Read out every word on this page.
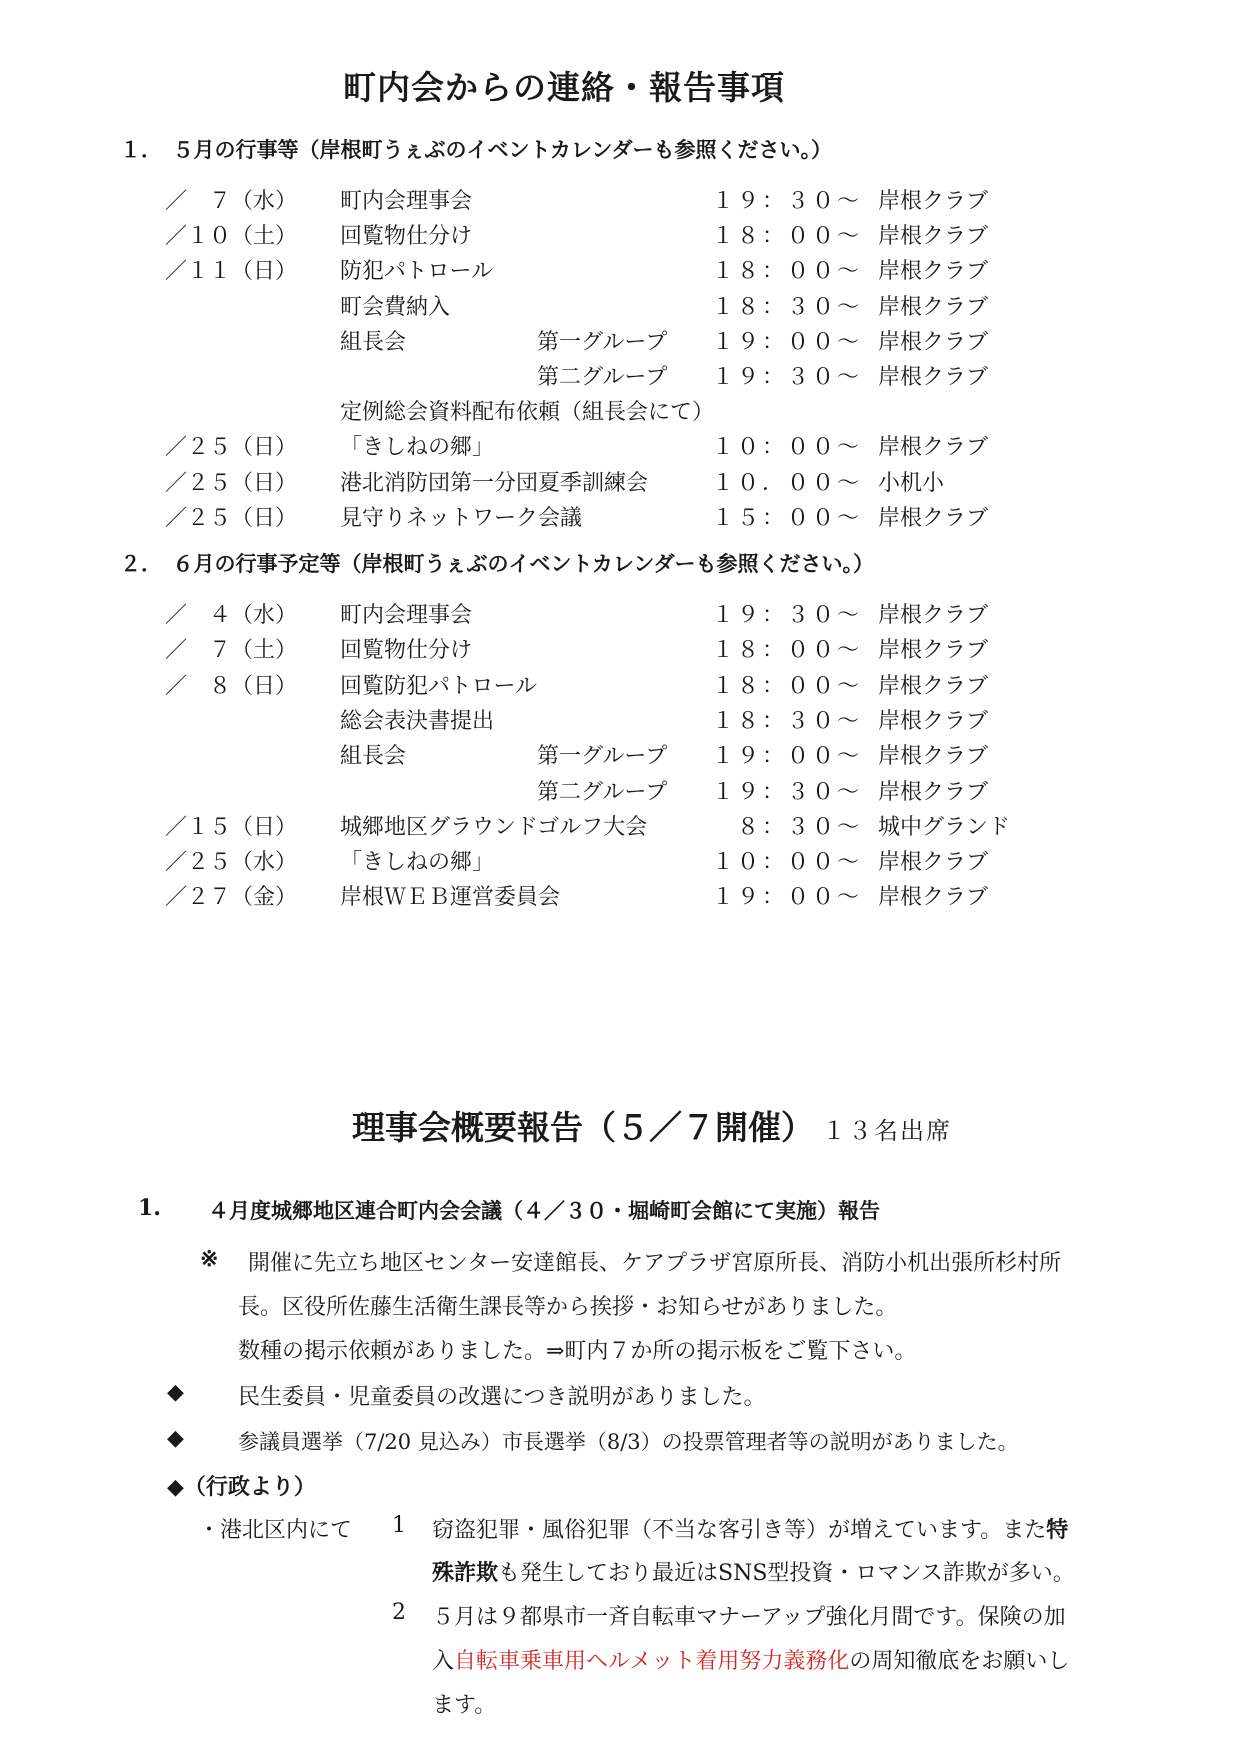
町内会からの連絡・報告事項
１．　５月の行事等（岸根町うぇぶのイベントカレンダーも参照ください。）
／　７（水） 町内会理事会	１９：３０～ 岸根クラブ
／１０（土） 回覧物仕分け	１８：００～ 岸根クラブ
／１１（日） 防犯パトロール	１８：００～ 岸根クラブ
町会費納入	１８：３０～ 岸根クラブ
組長会	第一グループ １９：００～ 岸根クラブ
第二グループ １９：３０～ 岸根クラブ
定例総会資料配布依頼（組長会にて）
／２５（日） 「きしねの郷」	１０：００～ 岸根クラブ
／２５（日） 港北消防団第一分団夏季訓練会	１０．００～ 小机小
／２５（日） 見守りネットワーク会議	１５：００～ 岸根クラブ
２．　６月の行事予定等（岸根町うぇぶのイベントカレンダーも参照ください。）
／　４（水） 町内会理事会	１９：３０～ 岸根クラブ
／　７（土） 回覧物仕分け	１８：００～ 岸根クラブ
／　８（日） 回覧防犯パトロール	１８：００～ 岸根クラブ
総会表決書提出	１８：３０～ 岸根クラブ
組長会	第一グループ １９：００～ 岸根クラブ
第二グループ １９：３０～ 岸根クラブ
／１５（日） 城郷地区グラウンドゴルフ大会	　８：３０～ 城中グランド
／２５（水） 「きしねの郷」	１０：００～ 岸根クラブ
／２７（金） 岸根ＷＥＢ運営委員会	１９：００～ 岸根クラブ
理事会概要報告（５／７開催） １３名出席
1. ４月度城郷地区連合町内会会議（４／３０・堀崎町会館にて実施）報告
※ 開催に先立ち地区センター安達館長、ケアプラザ宮原所長、消防小机出張所杉村所
長。区役所佐藤生活衛生課長等から挨拶・お知らせがありました。
数種の掲示依頼がありました。⇒町内７か所の掲示板をご覧下さい。
◆ 民生委員・児童委員の改選につき説明がありました。
◆	参議員選挙（7/20 見込み）市長選挙（8/3）の投票管理者等の説明がありました。
◆（行政より）
・港北区内にて 1 窃盗犯罪・風俗犯罪（不当な客引き等）が増えています。また特
殊詐欺も発生しており最近はSNS型投資・ロマンス詐欺が多い。
2 ５月は９都県市一斉自転車マナーアップ強化月間です。保険の加
入自転車乗車用ヘルメット着用努力義務化の周知徹底をお願いし
ます。
